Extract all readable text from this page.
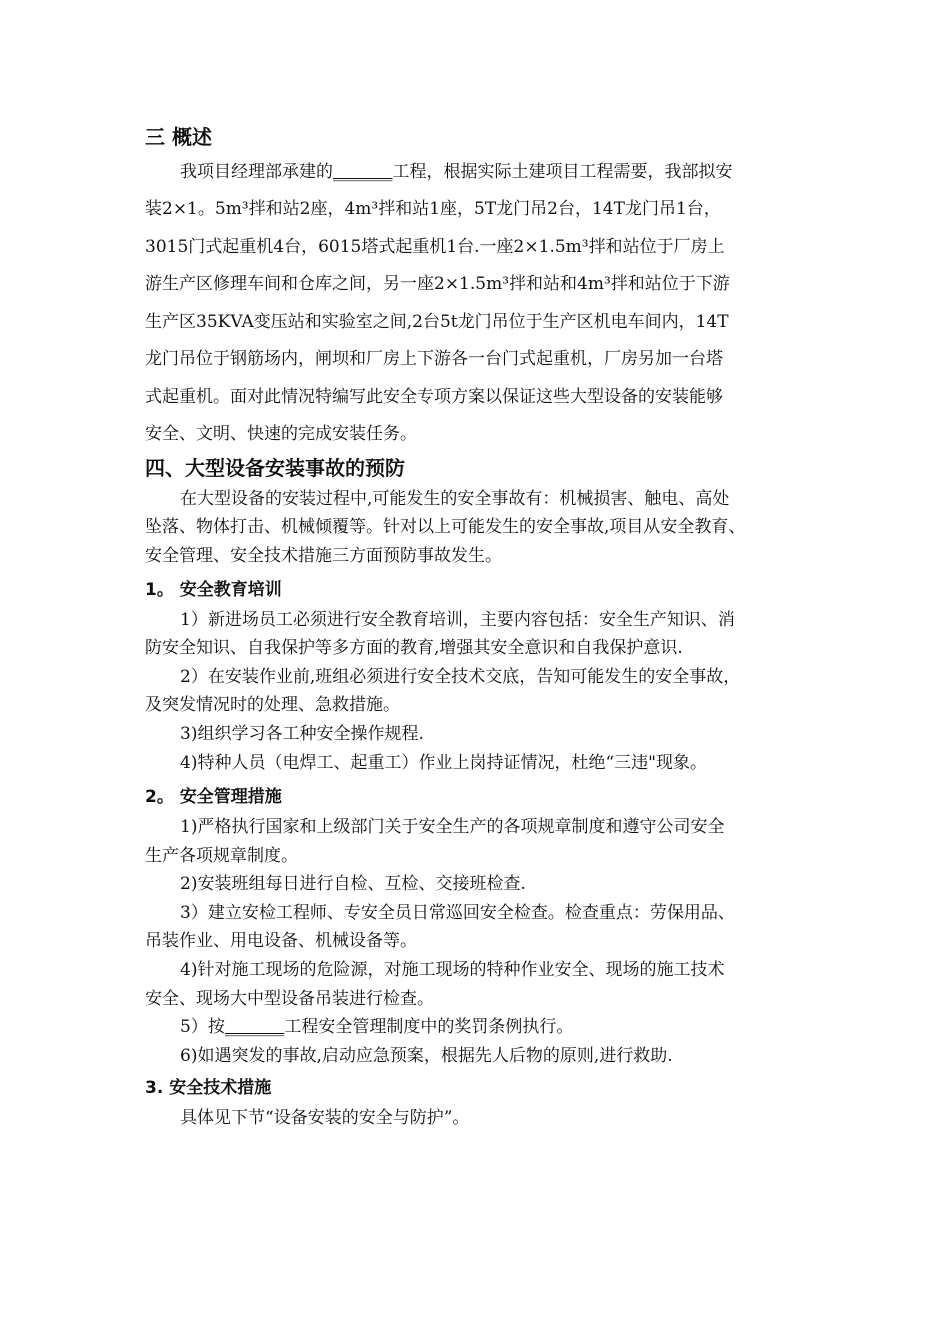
三 概述
我项目经理部承建的_______工程，根据实际土建项目工程需要，我部拟安
装2×1。5m³拌和站2座，4m³拌和站1座，5T龙门吊2台，14T龙门吊1台，
3015门式起重机4台，6015塔式起重机1台.一座2×1.5m³拌和站位于厂房上
游生产区修理车间和仓库之间，另一座2×1.5m³拌和站和4m³拌和站位于下游
生产区35KVA变压站和实验室之间,2台5t龙门吊位于生产区机电车间内，14T
龙门吊位于钢筋场内，闸坝和厂房上下游各一台门式起重机，厂房另加一台塔
式起重机。面对此情况特编写此安全专项方案以保证这些大型设备的安装能够
安全、文明、快速的完成安装任务。
四、大型设备安装事故的预防
在大型设备的安装过程中,可能发生的安全事故有：机械损害、触电、高处
坠落、物体打击、机械倾覆等。针对以上可能发生的安全事故,项目从安全教育、
安全管理、安全技术措施三方面预防事故发生。
1。 安全教育培训
1）新进场员工必须进行安全教育培训，主要内容包括：安全生产知识、消
防安全知识、自我保护等多方面的教育,增强其安全意识和自我保护意识.
2）在安装作业前,班组必须进行安全技术交底，告知可能发生的安全事故，
及突发情况时的处理、急救措施。
3)组织学习各工种安全操作规程.
4)特种人员（电焊工、起重工）作业上岗持证情况，杜绝“三违"现象。
2。 安全管理措施
1)严格执行国家和上级部门关于安全生产的各项规章制度和遵守公司安全
生产各项规章制度。
2)安装班组每日进行自检、互检、交接班检查.
3）建立安检工程师、专安全员日常巡回安全检查。检查重点：劳保用品、
吊装作业、用电设备、机械设备等。
4)针对施工现场的危险源，对施工现场的特种作业安全、现场的施工技术
安全、现场大中型设备吊装进行检查。
5）按_______工程安全管理制度中的奖罚条例执行。
6)如遇突发的事故,启动应急预案，根据先人后物的原则,进行救助.
3. 安全技术措施
具体见下节“设备安装的安全与防护”。
